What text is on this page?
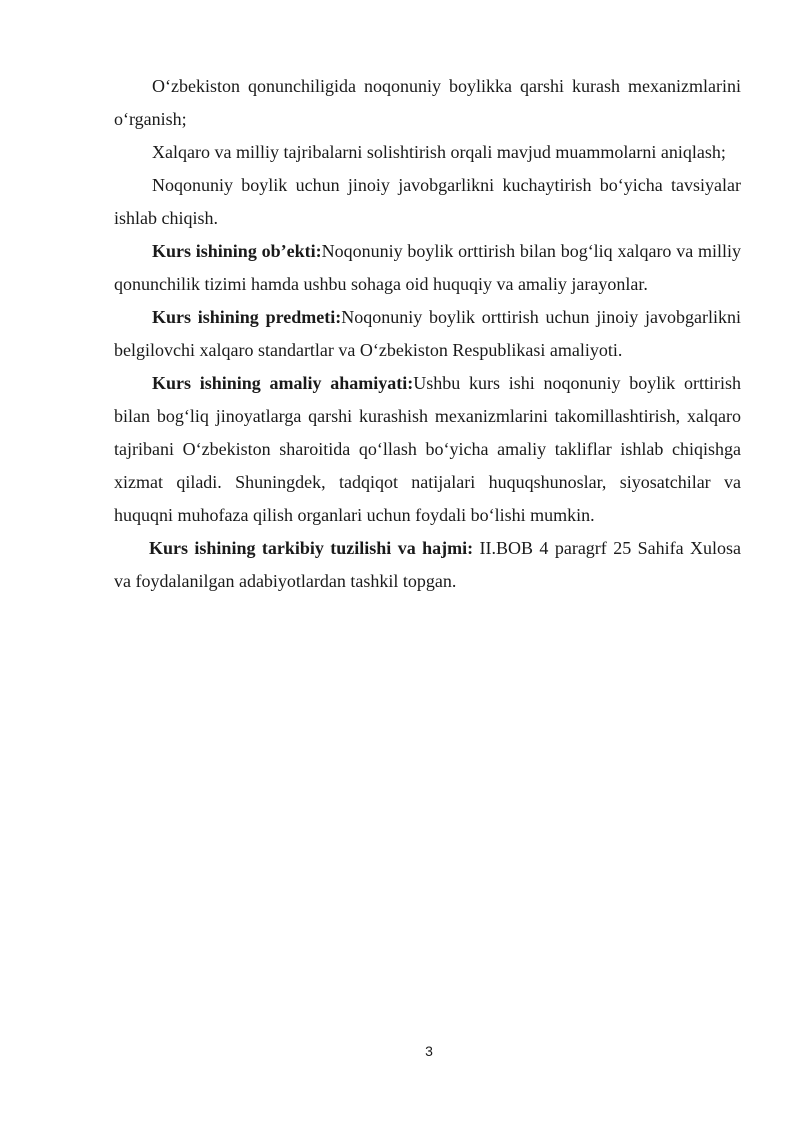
O‘zbekiston qonunchiligida noqonuniy boylikka qarshi kurash mexanizmlarini o‘rganish;

Xalqaro va milliy tajribalarni solishtirish orqali mavjud muammolarni aniqlash;

Noqonuniy boylik uchun jinoiy javobgarlikni kuchaytirish bo‘yicha tavsiyalar ishlab chiqish.

Kurs ishining ob’ekti:Noqonuniy boylik orttirish bilan bog‘liq xalqaro va milliy qonunchilik tizimi hamda ushbu sohaga oid huquqiy va amaliy jarayonlar.

Kurs ishining predmeti:Noqonuniy boylik orttirish uchun jinoiy javobgarlikni belgilovchi xalqaro standartlar va O‘zbekiston Respublikasi amaliyoti.

Kurs ishining amaliy ahamiyati:Ushbu kurs ishi noqonuniy boylik orttirish bilan bog‘liq jinoyatlarga qarshi kurashish mexanizmlarini takomillashtirish, xalqaro tajribani O‘zbekiston sharoitida qo‘llash bo‘yicha amaliy takliflar ishlab chiqishga xizmat qiladi. Shuningdek, tadqiqot natijalari huquqshunoslar, siyosatchilar va huquqni muhofaza qilish organlari uchun foydali bo‘lishi mumkin.

Kurs ishining tarkibiy tuzilishi va hajmi: II.BOB 4 paragrf 25 Sahifa Xulosa va foydalanilgan adabiyotlardan tashkil topgan.

3
